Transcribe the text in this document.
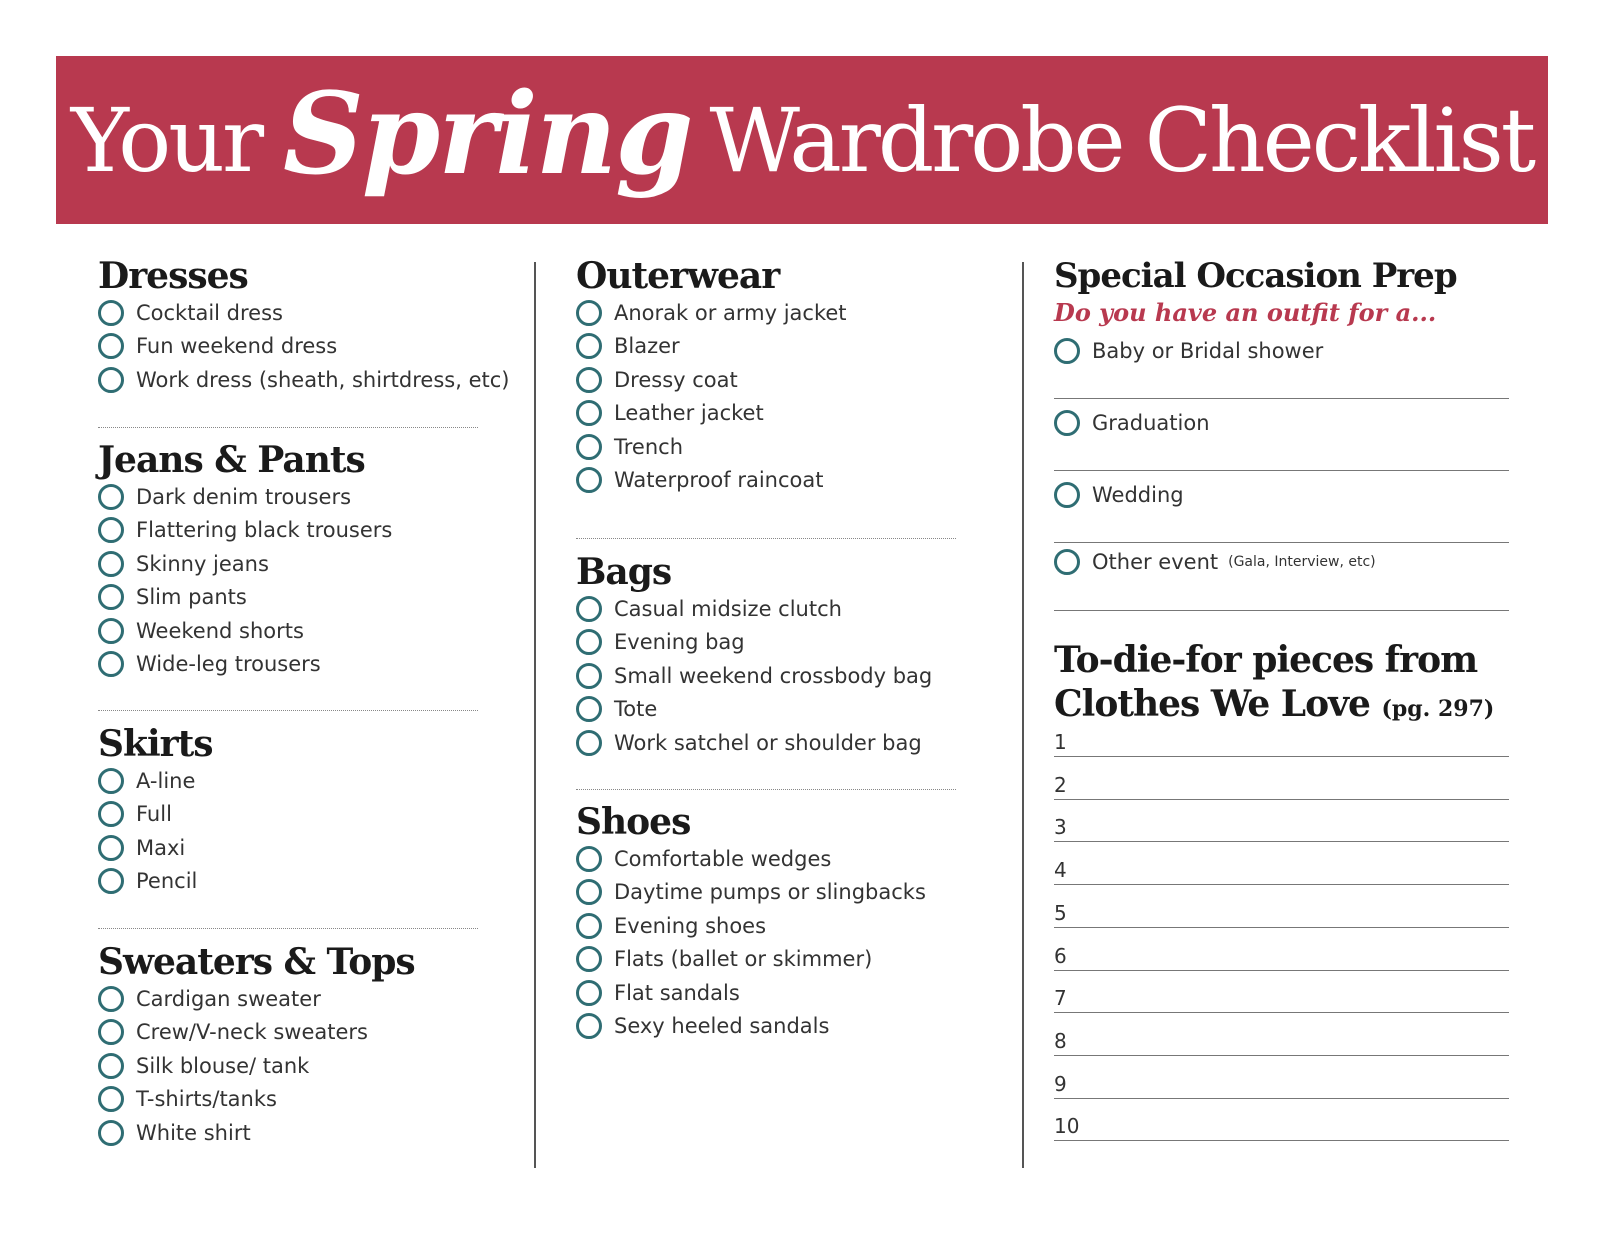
Your Spring Wardrobe Checklist
Dresses
Cocktail dress
Fun weekend dress
Work dress (sheath, shirtdress, etc)
Jeans & Pants
Dark denim trousers
Flattering black trousers
Skinny jeans
Slim pants
Weekend shorts
Wide-leg trousers
Skirts
A-line
Full
Maxi
Pencil
Sweaters & Tops
Cardigan sweater
Crew/V-neck sweaters
Silk blouse/ tank
T-shirts/tanks
White shirt
Outerwear
Anorak or army jacket
Blazer
Dressy coat
Leather jacket
Trench
Waterproof raincoat
Bags
Casual midsize clutch
Evening bag
Small weekend crossbody bag
Tote
Work satchel or shoulder bag
Shoes
Comfortable wedges
Daytime pumps or slingbacks
Evening shoes
Flats (ballet or skimmer)
Flat sandals
Sexy heeled sandals
Special Occasion Prep
Do you have an outfit for a...
Baby or Bridal shower
Graduation
Wedding
Other event (Gala, Interview, etc)
To-die-for pieces from
Clothes We Love (pg. 297)
1
2
3
4
5
6
7
8
9
10
